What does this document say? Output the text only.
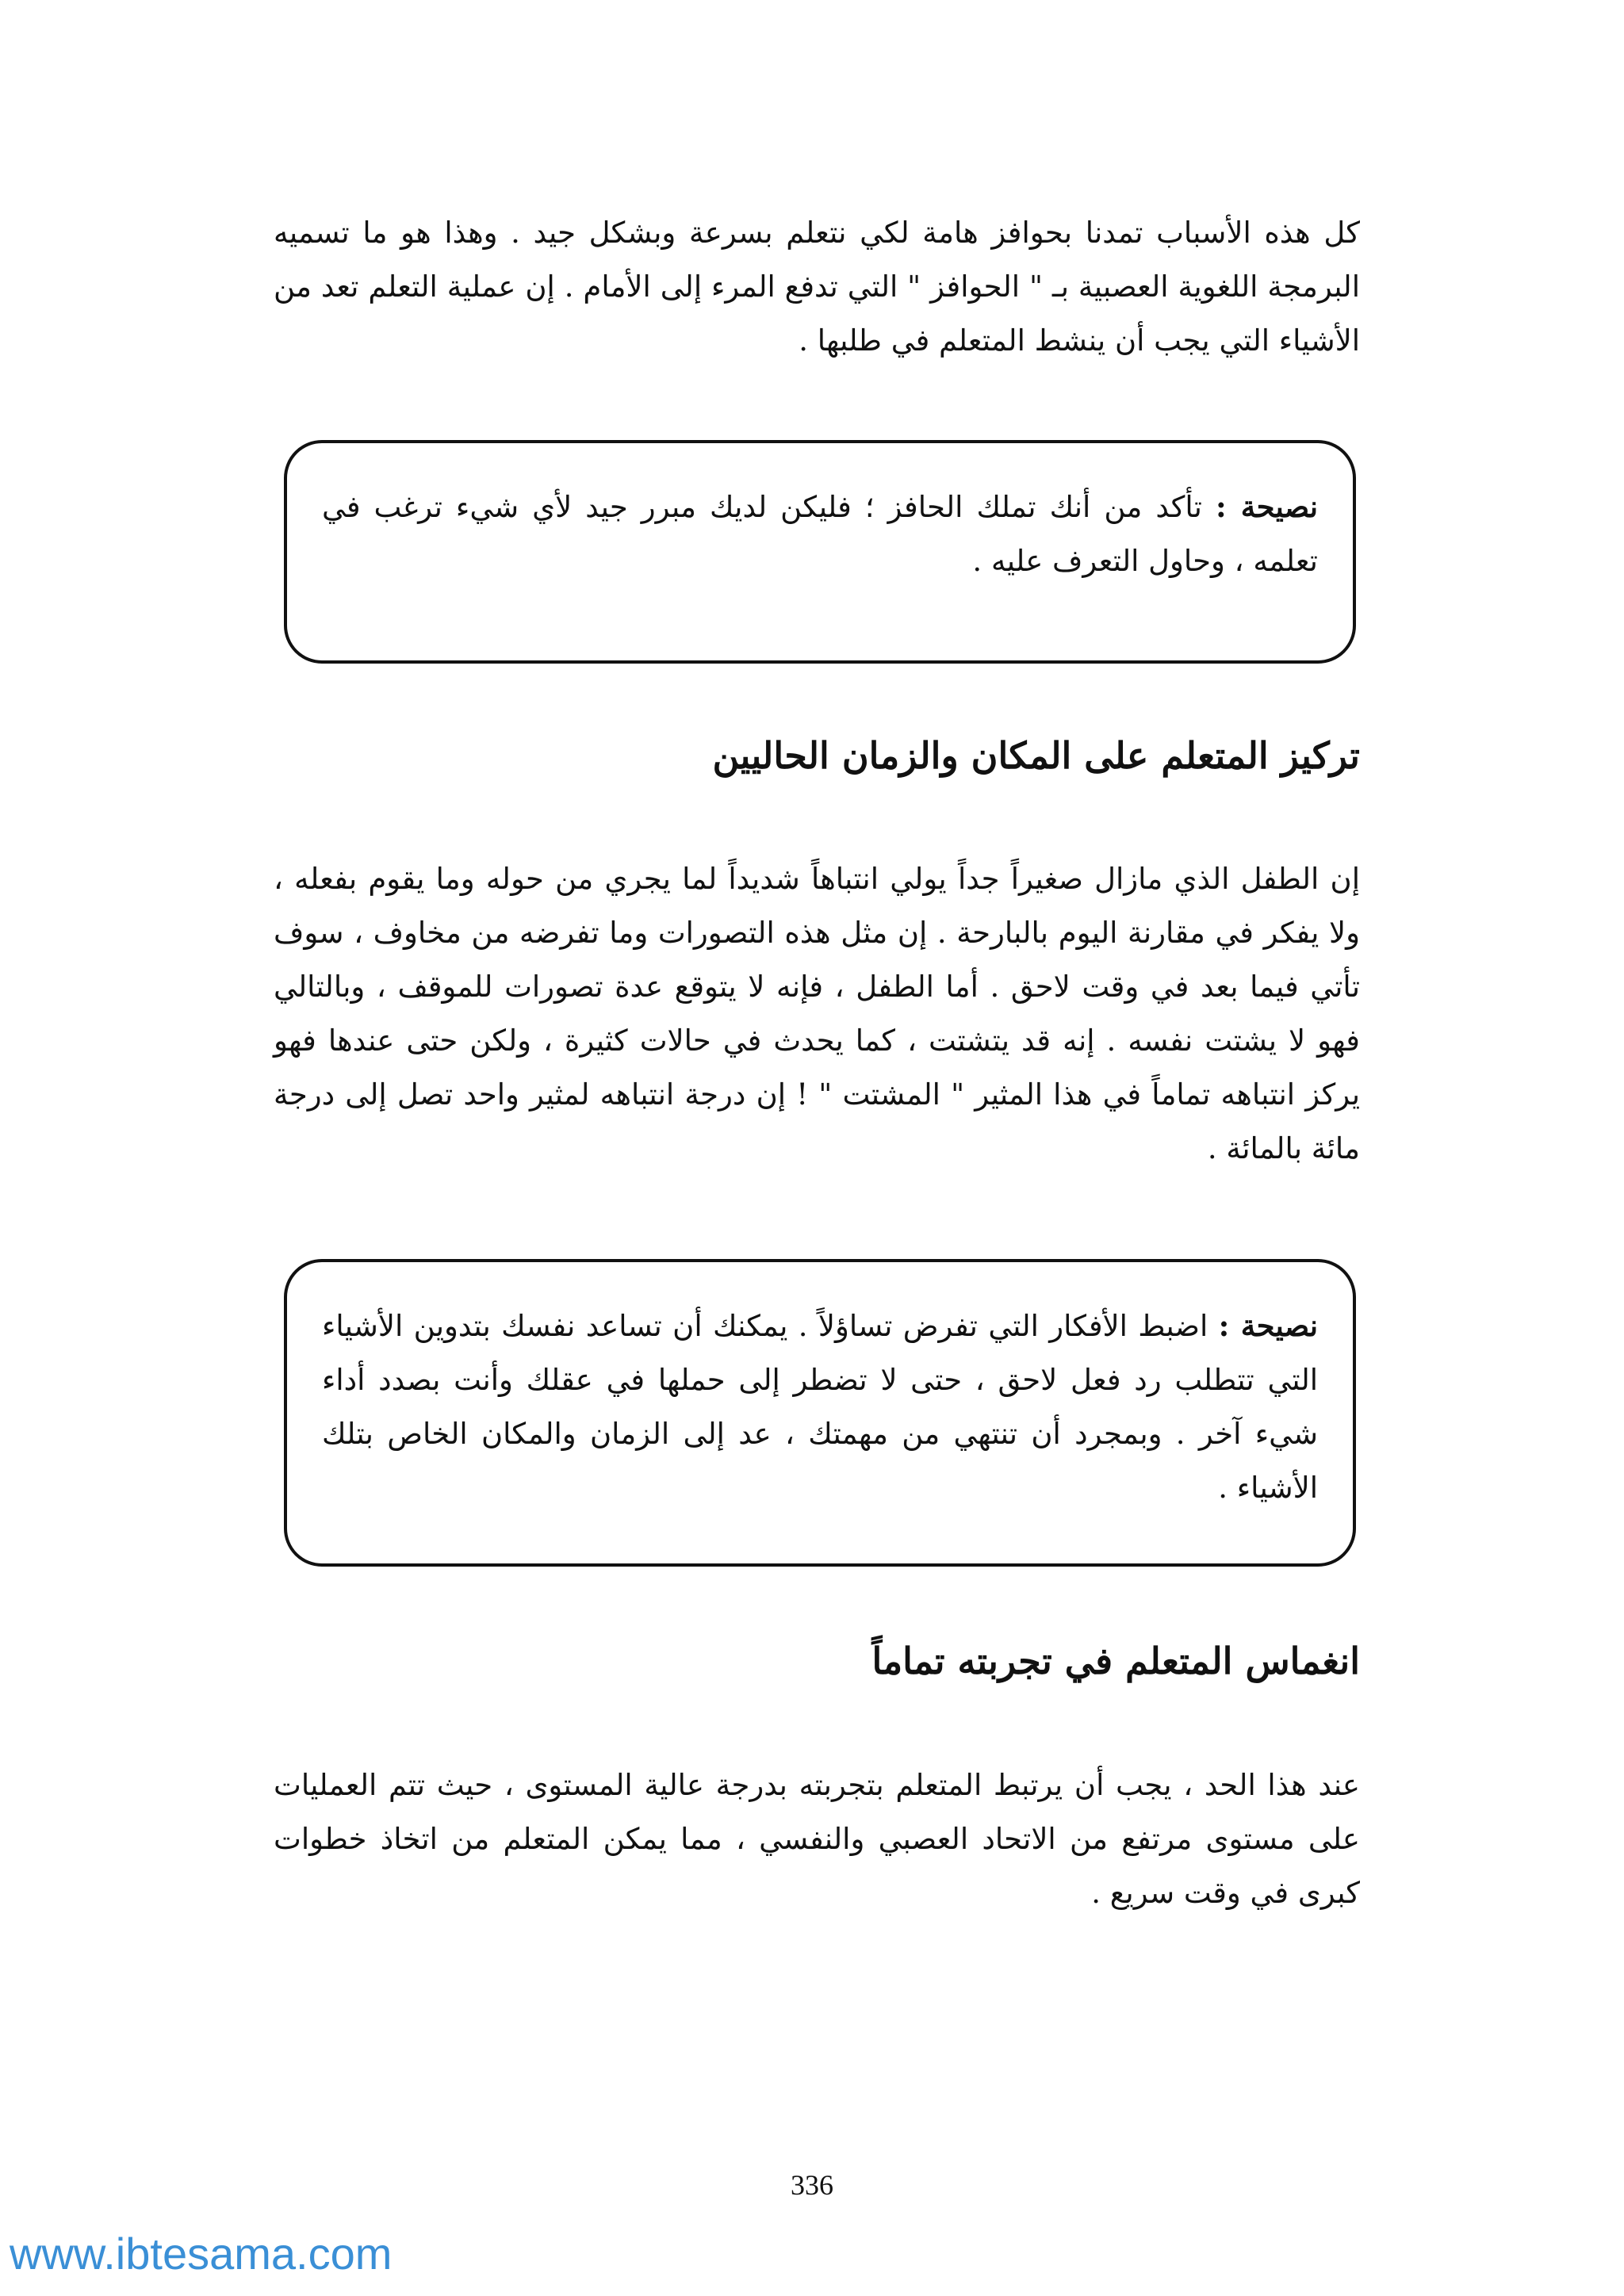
كل هذه الأسباب تمدنا بحوافز هامة لكي نتعلم بسرعة وبشكل جيد . وهذا هو ما تسميه البرمجة اللغوية العصبية بـ " الحوافز " التي تدفع المرء إلى الأمام . إن عملية التعلم تعد من الأشياء التي يجب أن ينشط المتعلم في طلبها .

نصيحة : تأكد من أنك تملك الحافز ؛ فليكن لديك مبرر جيد لأي شيء ترغب في تعلمه ، وحاول التعرف عليه .
تركيز المتعلم على المكان والزمان الحاليين

إن الطفل الذي مازال صغيراً جداً يولي انتباهاً شديداً لما يجري من حوله وما يقوم بفعله ، ولا يفكر في مقارنة اليوم بالبارحة . إن مثل هذه التصورات وما تفرضه من مخاوف ، سوف تأتي فيما بعد في وقت لاحق . أما الطفل ، فإنه لا يتوقع عدة تصورات للموقف ، وبالتالي فهو لا يشتت نفسه . إنه قد يتشتت ، كما يحدث في حالات كثيرة ، ولكن حتى عندها فهو يركز انتباهه تماماً في هذا المثير " المشتت " ! إن درجة انتباهه لمثير واحد تصل إلى درجة مائة بالمائة .

نصيحة : اضبط الأفكار التي تفرض تساؤلاً . يمكنك أن تساعد نفسك بتدوين الأشياء التي تتطلب رد فعل لاحق ، حتى لا تضطر إلى حملها في عقلك وأنت بصدد أداء شيء آخر . وبمجرد أن تنتهي من مهمتك ، عد إلى الزمان والمكان الخاص بتلك الأشياء .
انغماس المتعلم في تجربته تماماً

عند هذا الحد ، يجب أن يرتبط المتعلم بتجربته بدرجة عالية المستوى ، حيث تتم العمليات على مستوى مرتفع من الاتحاد العصبي والنفسي ، مما يمكن المتعلم من اتخاذ خطوات كبرى في وقت سريع .

336
www.ibtesama.com
